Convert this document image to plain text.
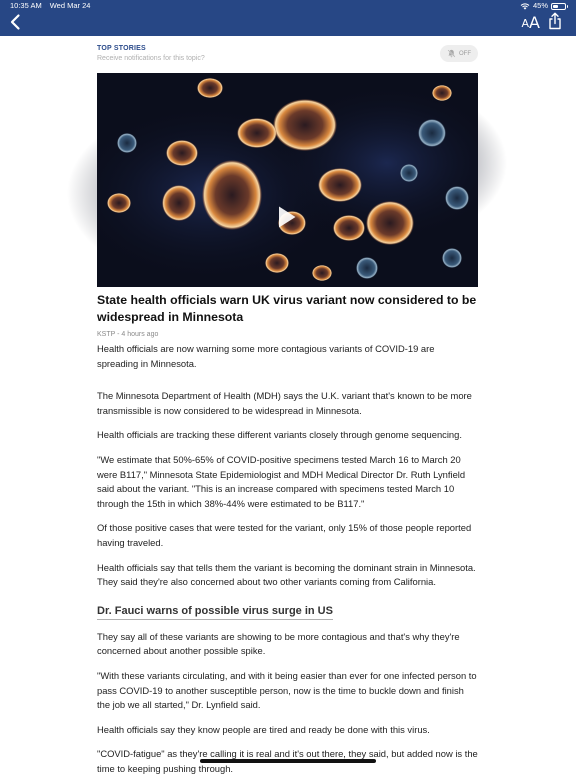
10:35 AM Wed Mar 24	45%
A A
TOP STORIES
Receive notifications for this topic?
OFF
State health officials warn UK virus variant now considered to be widespread in Minnesota
KSTP - 4 hours ago

Health officials are now warning some more contagious variants of COVID-19 are spreading in Minnesota.

The Minnesota Department of Health (MDH) says the U.K. variant that's known to be more transmissible is now considered to be widespread in Minnesota.

Health officials are tracking these different variants closely through genome sequencing.

"We estimate that 50%-65% of COVID-positive specimens tested March 16 to March 20 were B117," Minnesota State Epidemiologist and MDH Medical Director Dr. Ruth Lynfield said about the variant. "This is an increase compared with specimens tested March 10 through the 15th in which 38%-44% were estimated to be B117."

Of those positive cases that were tested for the variant, only 15% of those people reported having traveled.

Health officials say that tells them the variant is becoming the dominant strain in Minnesota. They said they're also concerned about two other variants coming from California.

Dr. Fauci warns of possible virus surge in US

They say all of these variants are showing to be more contagious and that's why they're concerned about another possible spike.

"With these variants circulating, and with it being easier than ever for one infected person to pass COVID-19 to another susceptible person, now is the time to buckle down and finish the job we all started," Dr. Lynfield said.

Health officials say they know people are tired and ready be done with this virus.

"COVID-fatigue" as they're calling it is real and it's out there, they said, but added now is the time to keeping pushing through.
